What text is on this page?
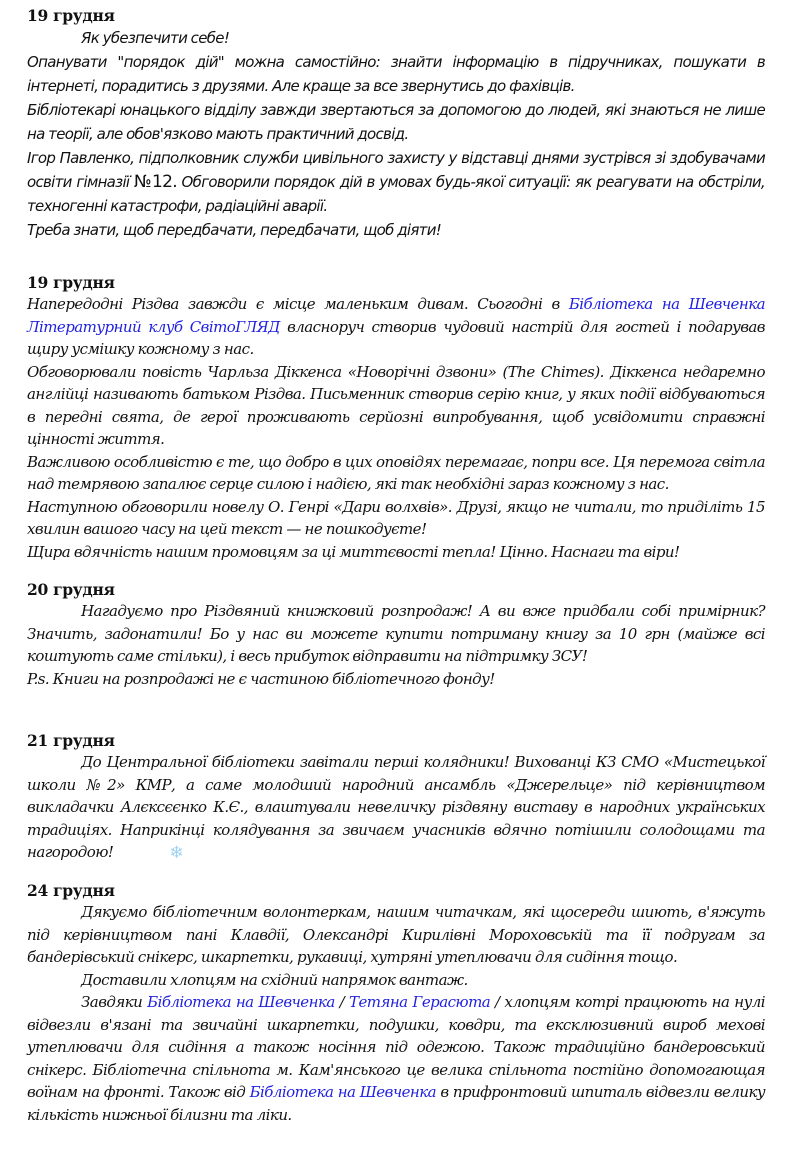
19 грудня

Як убезпечити себе!

Опанувати "порядок дій" можна самостійно: знайти інформацію в підручниках, пошукати в інтернеті, порадитись з друзями. Але краще за все звернутись до фахівців.

Бібліотекарі юнацького відділу завжди звертаються за допомогою до людей, які знаються не лише на теорії, але обов'язково мають практичний досвід.

Ігор Павленко, підполковник служби цивільного захисту у відставці днями зустрівся зі здобувачами освіти гімназії №12. Обговорили порядок дій в умовах будь-якої ситуації: як реагувати на обстріли, техногенні катастрофи, радіаційні аварії.

Треба знати, щоб передбачати, передбачати, щоб діяти!

19 грудня

Напередодні Різдва завжди є місце маленьким дивам. Сьогодні в Бібліотека на Шевченка Літературний клуб СвітоГЛЯД власноруч створив чудовий настрій для гостей і подарував щиру усмішку кожному з нас.

Обговорювали повість Чарльза Діккенса «Новорічні дзвони» (The Chimes). Діккенса недаремно англійці називають батьком Різдва. Письменник створив серію книг, у яких події відбуваються в передні свята, де герої проживають серйозні випробування, щоб усвідомити справжні цінності життя.

Важливою особливістю є те, що добро в цих оповідях перемагає, попри все. Ця перемога світла над темрявою запалює серце силою і надією, які так необхідні зараз кожному з нас.

Наступною обговорили новелу О. Генрі «Дари волхвів». Друзі, якщо не читали, то приділіть 15 хвилин вашого часу на цей текст — не пошкодуєте!

Щира вдячність нашим промовцям за ці миттєвості тепла! Цінно. Наснаги та віри!

20 грудня

Нагадуємо про Різдвяний книжковий розпродаж! А ви вже придбали собі примірник? Значить, задонатили! Бо у нас ви можете купити потриману книгу за 10 грн (майже всі коштують саме стільки), і весь прибуток відправити на підтримку ЗСУ!

P.s. Книги на розпродажі не є частиною бібліотечного фонду!

21 грудня

До Центральної бібліотеки завітали перші колядники! Вихованці КЗ СМО «Мистецької школи №2» КМР, а саме молодший народний ансамбль «Джерельце» під керівництвом викладачки Алєксєєнко К.Є., влаштували невеличку різдвяну виставу в народних українських традиціях. Наприкінці колядування за звичаєм учасників вдячно потішили солодощами та нагородою!	❄

24 грудня

Дякуємо бібліотечним волонтеркам, нашим читачкам, які щосереди шиють, в'яжуть під керівництвом пані Клавдії, Олександрі Кирилівні Мороховській та її подругам за бандерівський снікерс, шкарпетки, рукавиці, хутряні утеплювачи для сидіння тощо.

Доставили хлопцям на східний напрямок вантаж.

Завдяки Бібліотека на Шевченка / Тетяна Герасюта / хлопцям котрі працюють на нулі відвезли в'язані та звичайні шкарпетки, подушки, ковдри, та ексклюзивний вироб мехові утеплювачи для сидіння а також носіння під одежою. Також традиційно бандеровський снікерс. Бібліотечна спільнота м. Кам'янського це велика спільнота постійно допомогающая воїнам на фронті. Також від Бібліотека на Шевченка в прифронтовий шпиталь відвезли велику кількість нижньої білизни та ліки.
